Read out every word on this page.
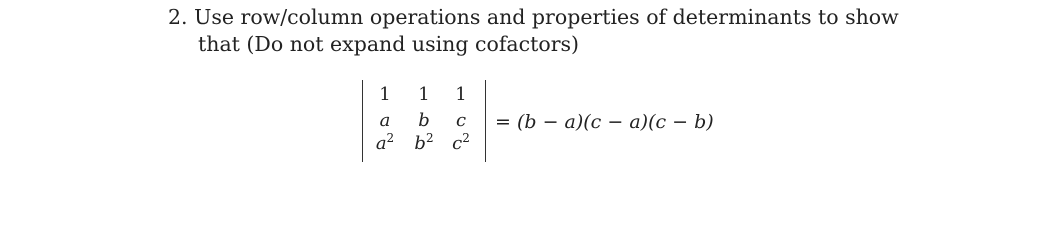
2. Use row/column operations and properties of determinants to show
that (Do not expand using cofactors)
1	1	1
a	b	c
$a^2$	$b^2$	$c^2$
= (b − a)(c − a)(c − b)
